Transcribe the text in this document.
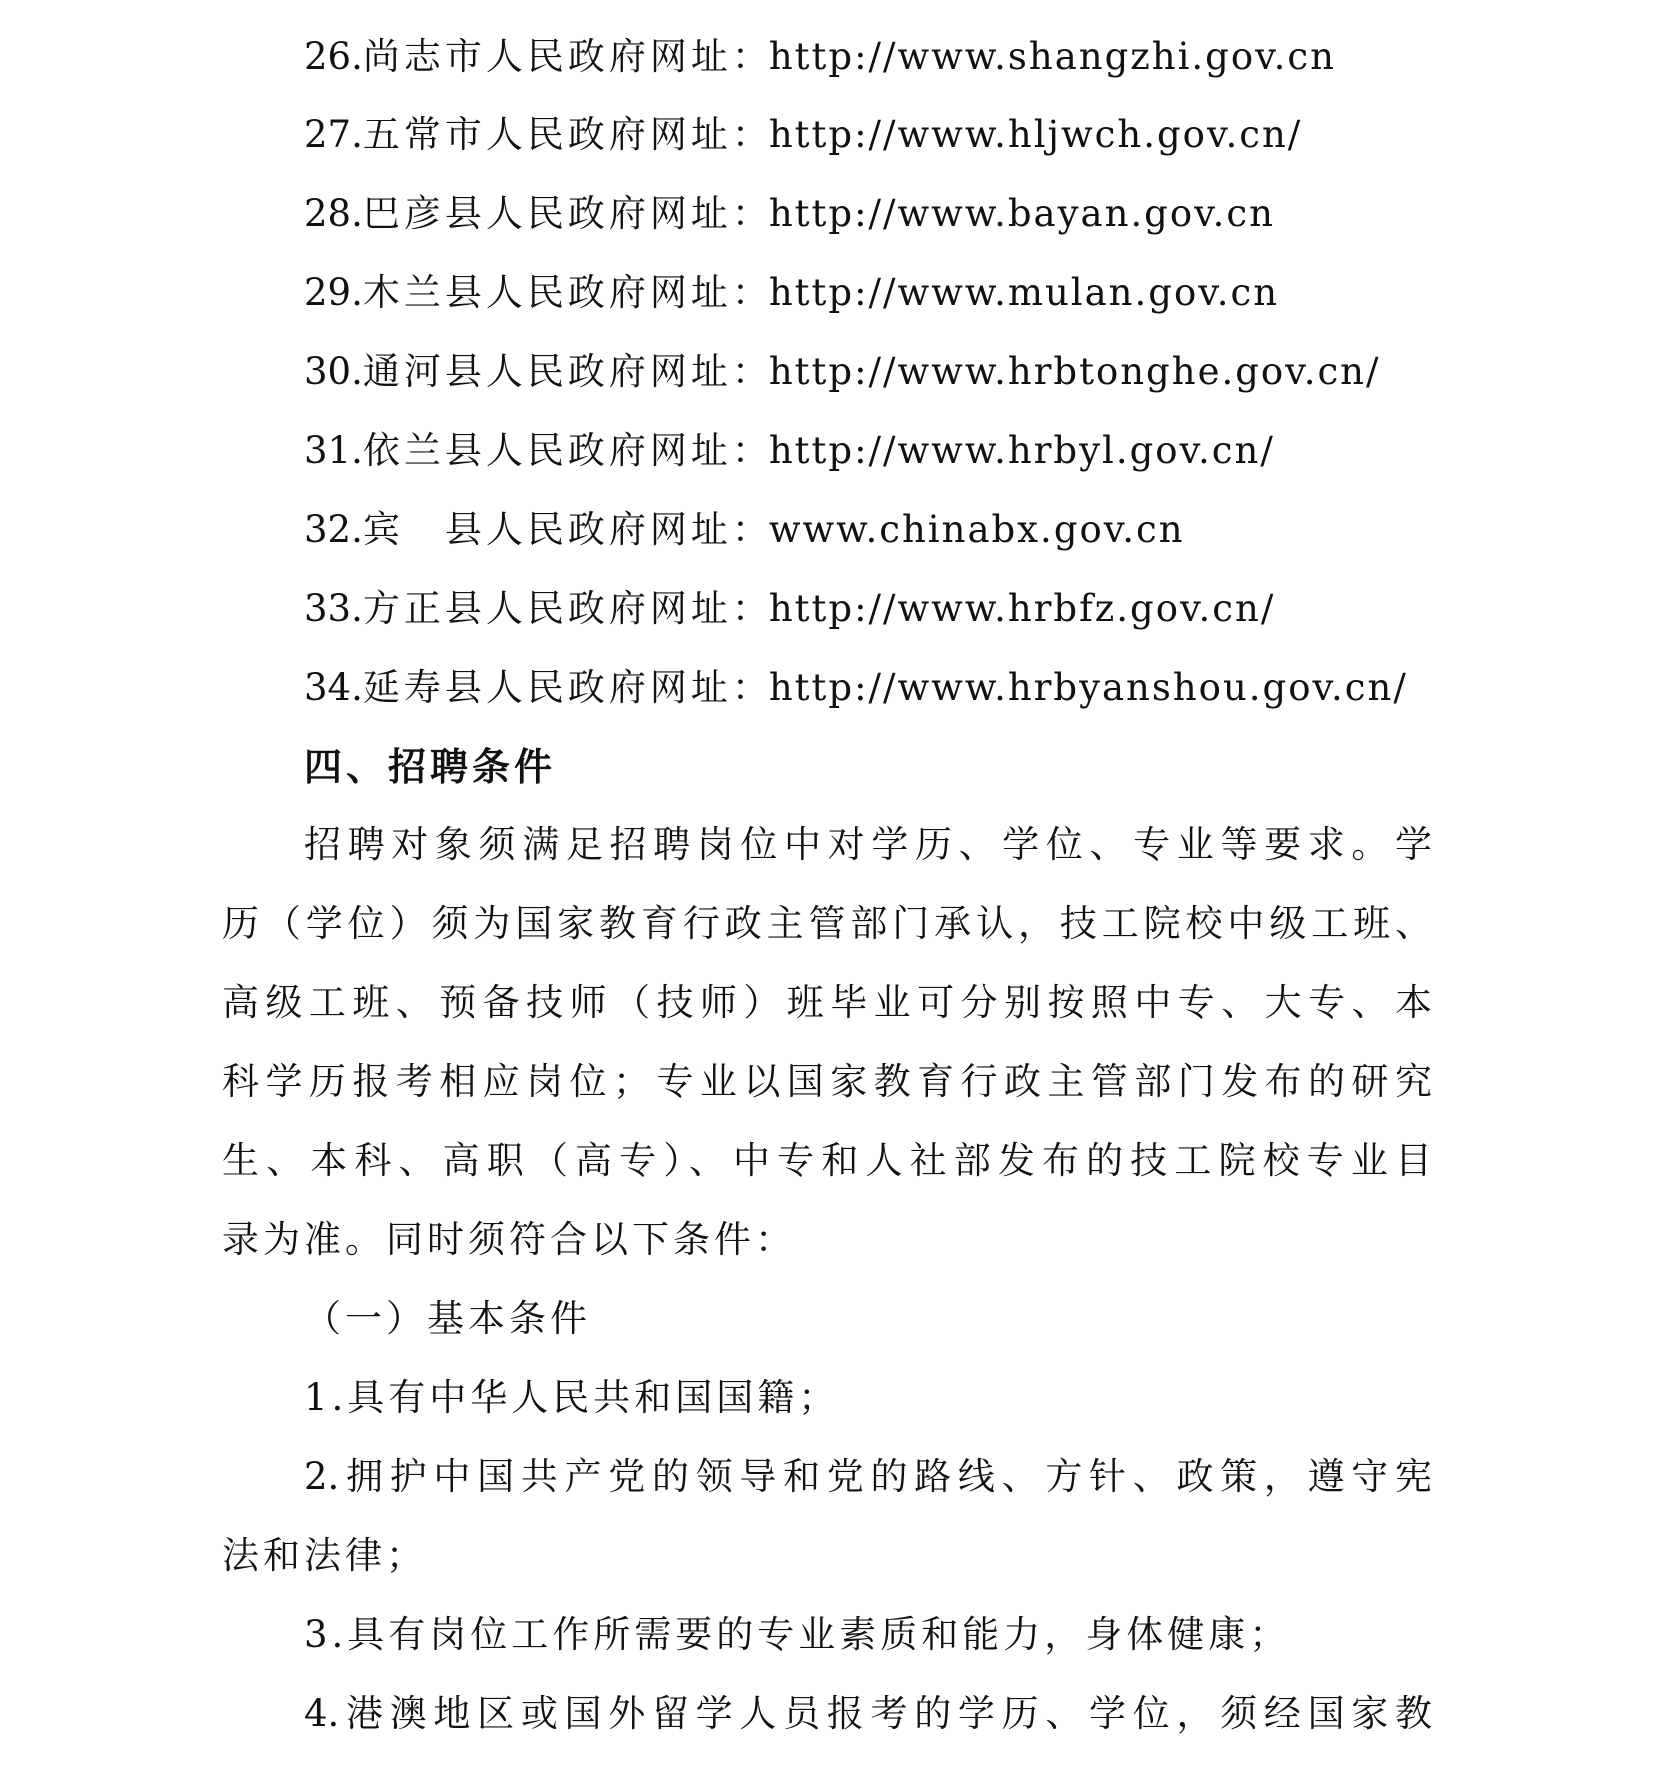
26.尚志市人民政府网址：http://www.shangzhi.gov.cn
27.五常市人民政府网址：http://www.hljwch.gov.cn/
28.巴彦县人民政府网址：http://www.bayan.gov.cn
29.木兰县人民政府网址：http://www.mulan.gov.cn
30.通河县人民政府网址：http://www.hrbtonghe.gov.cn/
31.依兰县人民政府网址：http://www.hrbyl.gov.cn/
32.宾　县人民政府网址：www.chinabx.gov.cn
33.方正县人民政府网址：http://www.hrbfz.gov.cn/
34.延寿县人民政府网址：http://www.hrbyanshou.gov.cn/
四、招聘条件
招聘对象须满足招聘岗位中对学历、学位、专业等要求。学
历（学位）须为国家教育行政主管部门承认，技工院校中级工班、
高级工班、预备技师（技师）班毕业可分别按照中专、大专、本
科学历报考相应岗位；专业以国家教育行政主管部门发布的研究
生、本科、高职（高专）、中专和人社部发布的技工院校专业目
录为准。同时须符合以下条件：
（一）基本条件
1.具有中华人民共和国国籍；
2.拥护中国共产党的领导和党的路线、方针、政策，遵守宪
法和法律；
3.具有岗位工作所需要的专业素质和能力，身体健康；
4.港澳地区或国外留学人员报考的学历、学位，须经国家教
